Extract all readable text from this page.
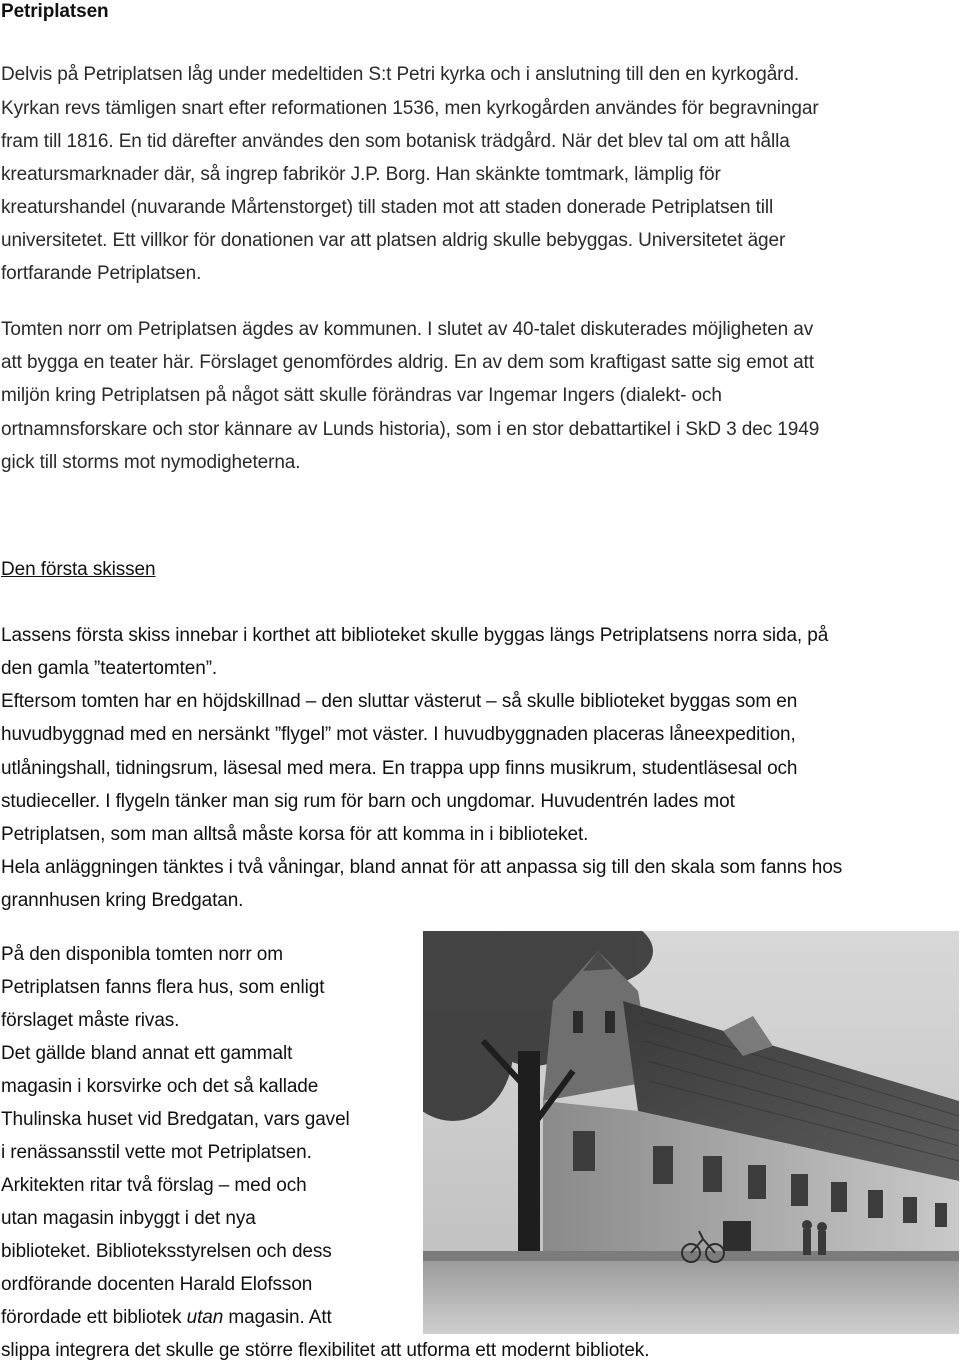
Petriplatsen
Delvis på Petriplatsen låg under medeltiden S:t Petri kyrka och i anslutning till den en kyrkogård.
Kyrkan revs tämligen snart efter reformationen 1536, men kyrkogården användes för begravningar
fram till 1816. En tid därefter användes den som botanisk trädgård. När det blev tal om att hålla
kreatursmarknader där, så ingrep fabrikör J.P. Borg. Han skänkte tomtmark, lämplig för
kreaturshandel (nuvarande Mårtenstorget) till staden mot att staden donerade Petriplatsen till
universitetet. Ett villkor för donationen var att platsen aldrig skulle bebyggas. Universitetet äger
fortfarande Petriplatsen.
Tomten norr om Petriplatsen ägdes av kommunen. I slutet av 40-talet diskuterades möjligheten av
att bygga en teater här. Förslaget genomfördes aldrig. En av dem som kraftigast satte sig emot att
miljön kring Petriplatsen på något sätt skulle förändras var Ingemar Ingers (dialekt- och
ortnamnsforskare och stor kännare av Lunds historia), som i en stor debattartikel i SkD 3 dec 1949
gick till storms mot nymodigheterna.
Den första skissen
Lassens första skiss innebar i korthet att biblioteket skulle byggas längs Petriplatsens norra sida, på
den gamla ”teatertomten”.
Eftersom tomten har en höjdskillnad – den sluttar västerut – så skulle biblioteket byggas som en
huvudbyggnad med en nersänkt ”flygel” mot väster. I huvudbyggnaden placeras låneexpedition,
utlåningshall, tidningsrum, läsesal med mera. En trappa upp finns musikrum, studentläsesal och
studieceller. I flygeln tänker man sig rum för barn och ungdomar. Huvudentrén lades mot
Petriplatsen, som man alltså måste korsa för att komma in i biblioteket.
Hela anläggningen tänktes i två våningar, bland annat för att anpassa sig till den skala som fanns hos
grannhusen kring Bredgatan.
På den disponibla tomten norr om
Petriplatsen fanns flera hus, som enligt
förslaget måste rivas.
Det gällde bland annat ett gammalt
magasin i korsvirke och det så kallade
Thulinska huset vid Bredgatan, vars gavel
i renässansstil vette mot Petriplatsen.
Arkitekten ritar två förslag – med och
utan magasin inbyggt i det nya
biblioteket. Biblioteksstyrelsen och dess
ordförande docenten Harald Elofsson
förordade ett bibliotek utan magasin. Att
slippa integrera det skulle ge större flexibilitet att utforma ett modernt bibliotek.
